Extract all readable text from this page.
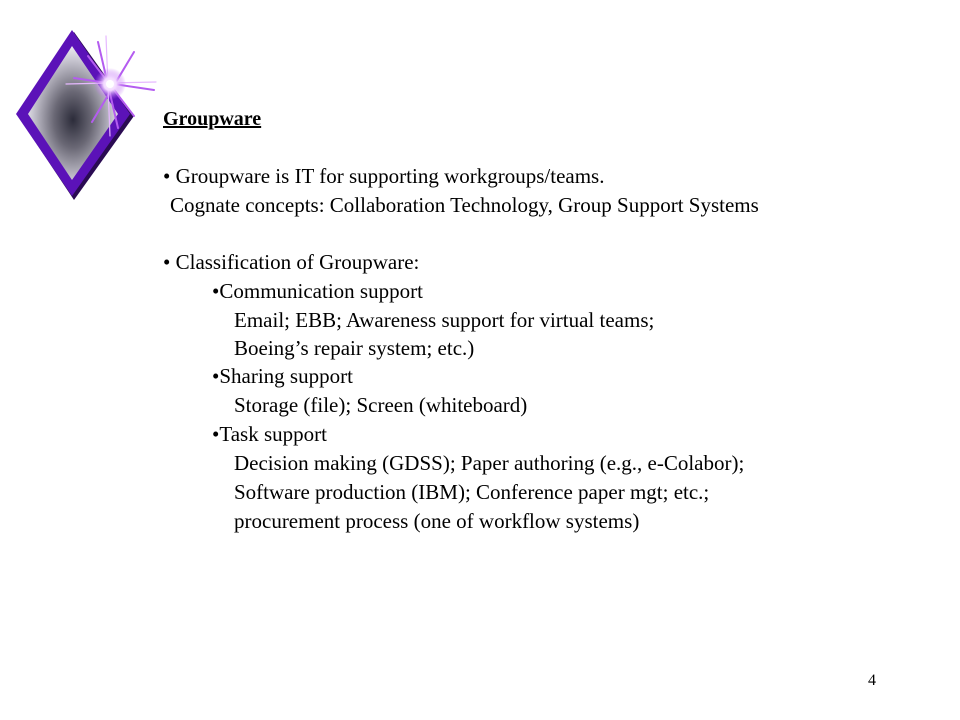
Groupware
• Groupware is IT for supporting workgroups/teams.
Cognate concepts: Collaboration Technology, Group Support Systems
• Classification of Groupware:
•Communication support
Email; EBB; Awareness support for virtual teams;
Boeing’s repair system; etc.)
•Sharing support
Storage (file); Screen (whiteboard)
•Task support
Decision making (GDSS); Paper authoring (e.g., e-Colabor);
Software production (IBM); Conference paper mgt; etc.;
procurement process (one of workflow systems)
4
